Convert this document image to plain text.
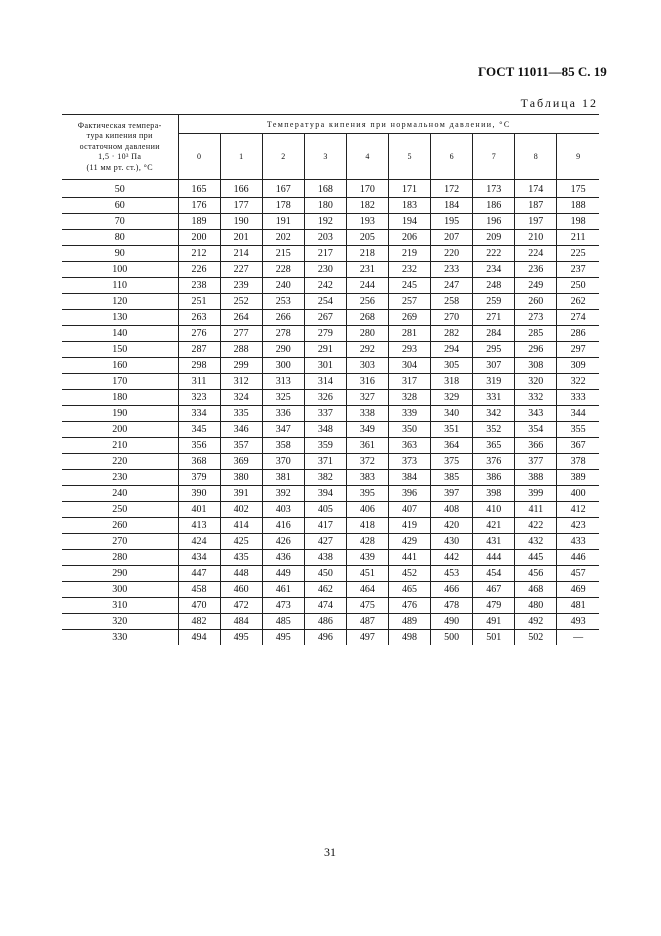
ГОСТ 11011—85 С. 19
Таблица 12
Фактическая темпера-
тура кипения при
остаточном давлении
1,5 · 10³ Па
(11 мм рт. ст.), °С	Температура кипения при нормальном давлении, °С									
	0	1	2	3	4	5	6	7	8	9

50	165	166	167	168	170	171	172	173	174	175
60	176	177	178	180	182	183	184	186	187	188
70	189	190	191	192	193	194	195	196	197	198
80	200	201	202	203	205	206	207	209	210	211
90	212	214	215	217	218	219	220	222	224	225
100	226	227	228	230	231	232	233	234	236	237
110	238	239	240	242	244	245	247	248	249	250
120	251	252	253	254	256	257	258	259	260	262
130	263	264	266	267	268	269	270	271	273	274
140	276	277	278	279	280	281	282	284	285	286
150	287	288	290	291	292	293	294	295	296	297
160	298	299	300	301	303	304	305	307	308	309
170	311	312	313	314	316	317	318	319	320	322
180	323	324	325	326	327	328	329	331	332	333
190	334	335	336	337	338	339	340	342	343	344
200	345	346	347	348	349	350	351	352	354	355
210	356	357	358	359	361	363	364	365	366	367
220	368	369	370	371	372	373	375	376	377	378
230	379	380	381	382	383	384	385	386	388	389
240	390	391	392	394	395	396	397	398	399	400
250	401	402	403	405	406	407	408	410	411	412
260	413	414	416	417	418	419	420	421	422	423
270	424	425	426	427	428	429	430	431	432	433
280	434	435	436	438	439	441	442	444	445	446
290	447	448	449	450	451	452	453	454	456	457
300	458	460	461	462	464	465	466	467	468	469
310	470	472	473	474	475	476	478	479	480	481
320	482	484	485	486	487	489	490	491	492	493
330	494	495	495	496	497	498	500	501	502	—
31
